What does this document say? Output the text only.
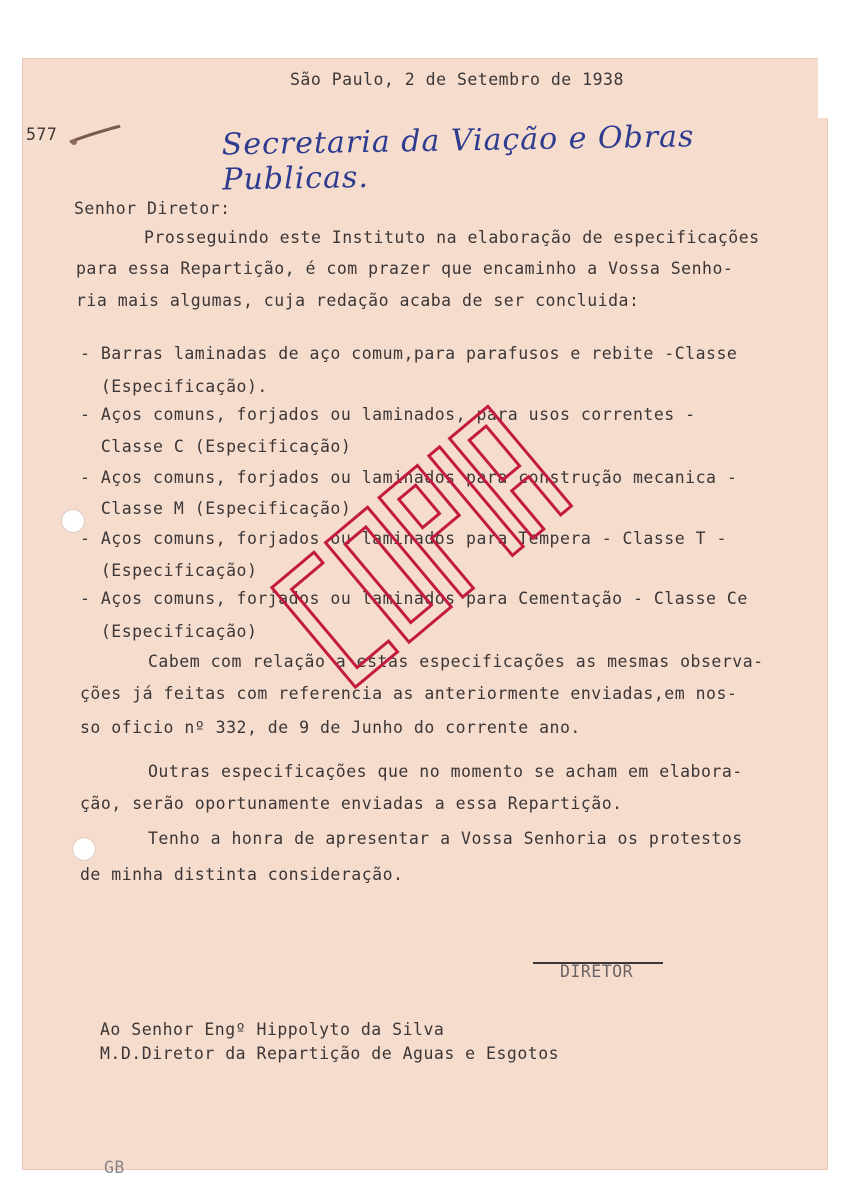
São Paulo, 2 de Setembro de 1938
577	Secretaria da Viação e Obras Publicas.
Senhor Diretor:
Prosseguindo este Instituto na elaboração de especificações
para essa Repartição, é com prazer que encaminho a Vossa Senho-
ria mais algumas, cuja redação acaba de ser concluida:
- Barras laminadas de aço comum,para parafusos e rebite -Classe
(Especificação).
- Aços comuns, forjados ou laminados, para usos correntes -
Classe C (Especificação)
- Aços comuns, forjados ou laminados para construção mecanica -
Classe M (Especificação)
- Aços comuns, forjados ou laminados para Tempera - Classe T -
(Especificação)
- Aços comuns, forjados ou laminados para Cementação - Classe Ce
(Especificação)
Cabem com relação a estas especificações as mesmas observa-
ções já feitas com referencia as anteriormente enviadas,em nos-
so oficio nº 332, de 9 de Junho do corrente ano.
Outras especificações que no momento se acham em elabora-
ção, serão oportunamente enviadas a essa Repartição.
Tenho a honra de apresentar a Vossa Senhoria os protestos
de minha distinta consideração.
DIRETOR
Ao Senhor Engº Hippolyto da Silva
M.D.Diretor da Repartição de Aguas e Esgotos
GB
